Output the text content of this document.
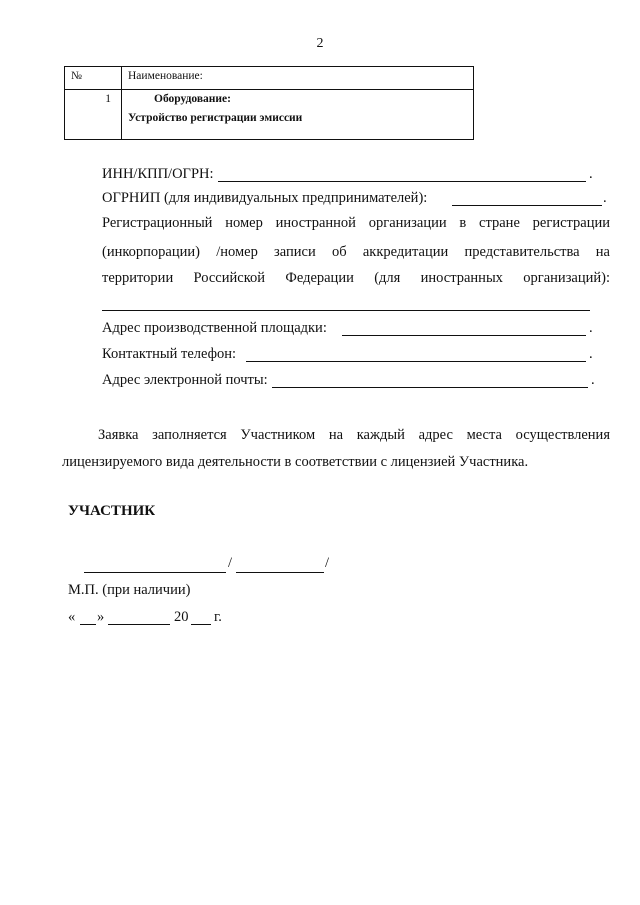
2
№	Наименование:
1	Оборудование:
Устройство регистрации эмиссии
ИНН/КПП/ОГРН:	.
ОГРНИП (для индивидуальных предпринимателей):	.
Регистрационный номер иностранной организации в стране регистрации
(инкорпорации) /номер записи об аккредитации представительства на
территории Российской Федерации (для иностранных организаций):
Адрес производственной площадки:	.
Контактный телефон:	.
Адрес электронной почты:	.
Заявка заполняется Участником на каждый адрес места осуществления
лицензируемого вида деятельности в соответствии с лицензией Участника.
УЧАСТНИК
/	/
М.П. (при наличии)
« »	20 г.
